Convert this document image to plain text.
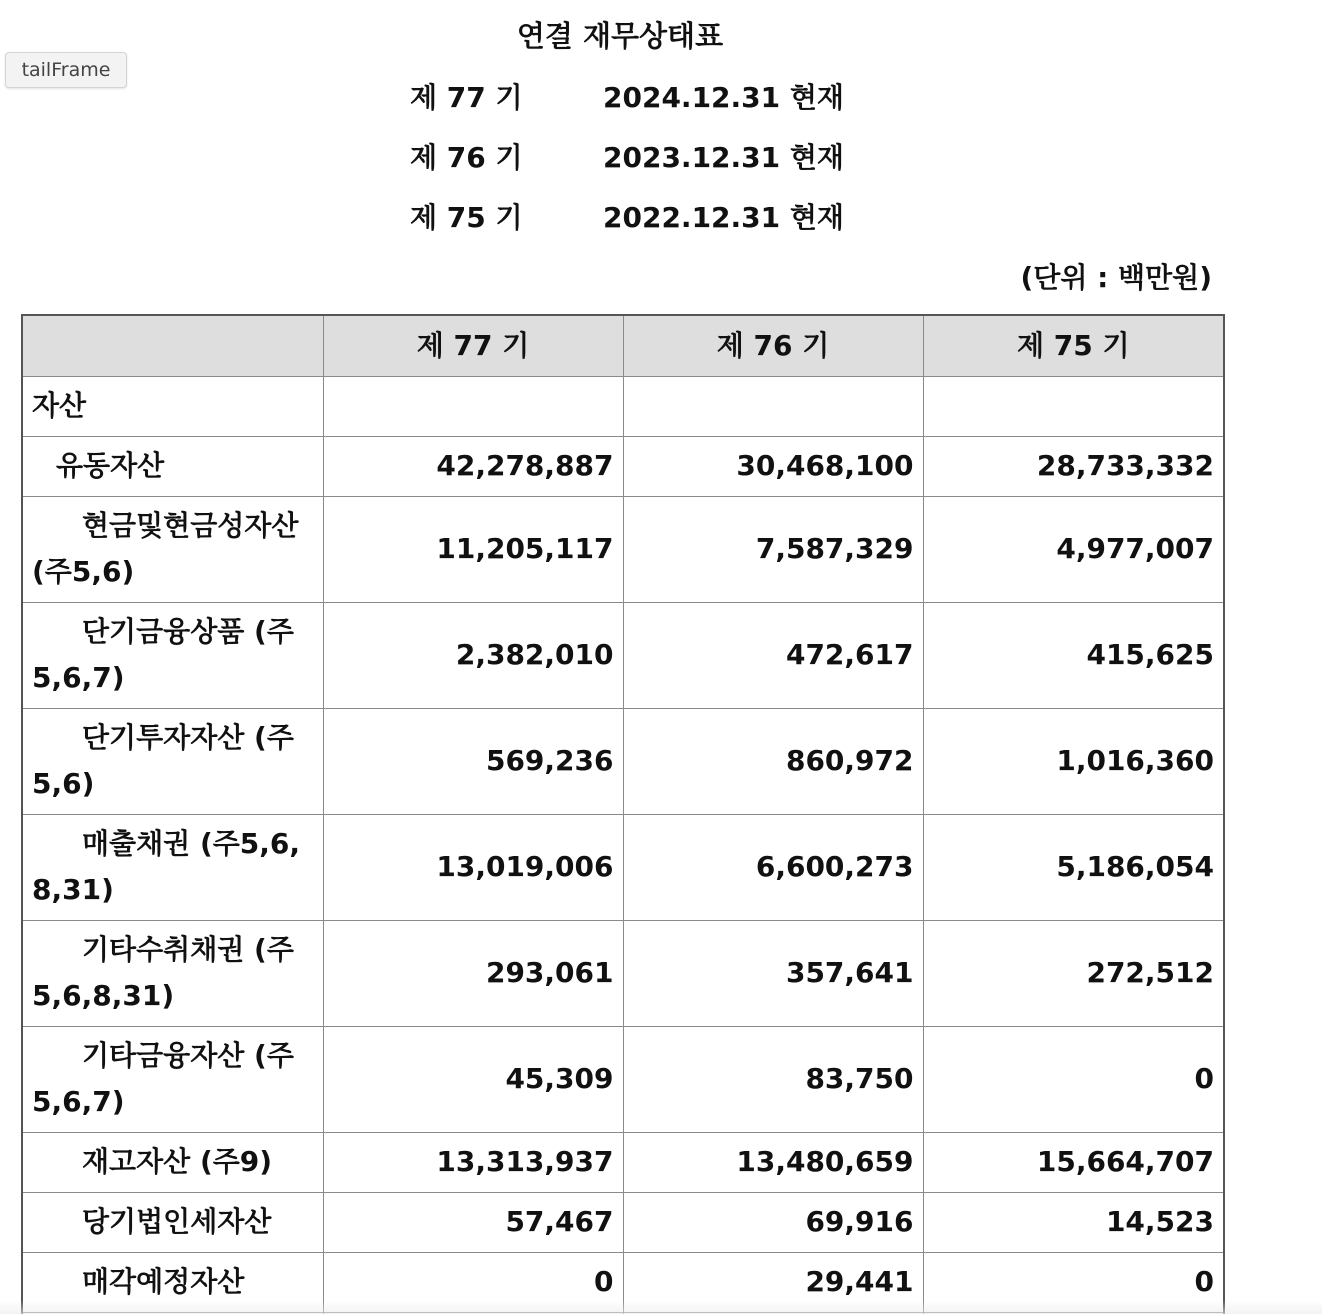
tailFrame
연결 재무상태표
제 77 기	2024.12.31 현재
제 76 기	2023.12.31 현재
제 75 기	2022.12.31 현재
(단위 : 백만원)
	제 77 기	제 76 기	제 75 기
자산			
유동자산	42,278,887	30,468,100	28,733,332
현금및현금성자산 (주5,6)	11,205,117	7,587,329	4,977,007
단기금융상품 (주5,6,7)	2,382,010	472,617	415,625
단기투자자산 (주5,6)	569,236	860,972	1,016,360
매출채권 (주5,6,8,31)	13,019,006	6,600,273	5,186,054
기타수취채권 (주5,6,8,31)	293,061	357,641	272,512
기타금융자산 (주5,6,7)	45,309	83,750	0
재고자산 (주9)	13,313,937	13,480,659	15,664,707
당기법인세자산	57,467	69,916	14,523
매각예정자산	0	29,441	0
